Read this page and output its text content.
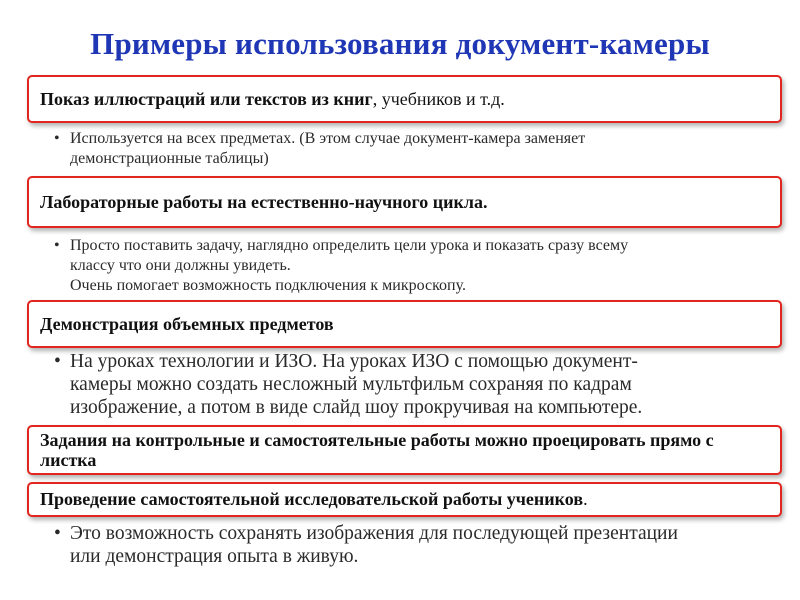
Примеры использования документ-камеры
Показ иллюстраций или текстов из книг, учебников и т.д.
• Используется на всех предметах. (В этом случае документ-камера заменяет
демонстрационные таблицы)
Лабораторные работы на естественно-научного цикла.
• Просто поставить задачу, наглядно определить цели урока и показать сразу всему
классу что они должны увидеть.
Очень помогает возможность подключения к микроскопу.
Демонстрация объемных предметов
• На уроках технологии и ИЗО. На уроках ИЗО с помощью документ-
камеры можно создать несложный мультфильм сохраняя по кадрам
изображение, а потом в виде слайд шоу прокручивая на компьютере.
Задания на контрольные и самостоятельные работы можно проецировать прямо с листка
Проведение самостоятельной исследовательской работы учеников.
• Это возможность сохранять изображения для последующей презентации
или демонстрация опыта в живую.
